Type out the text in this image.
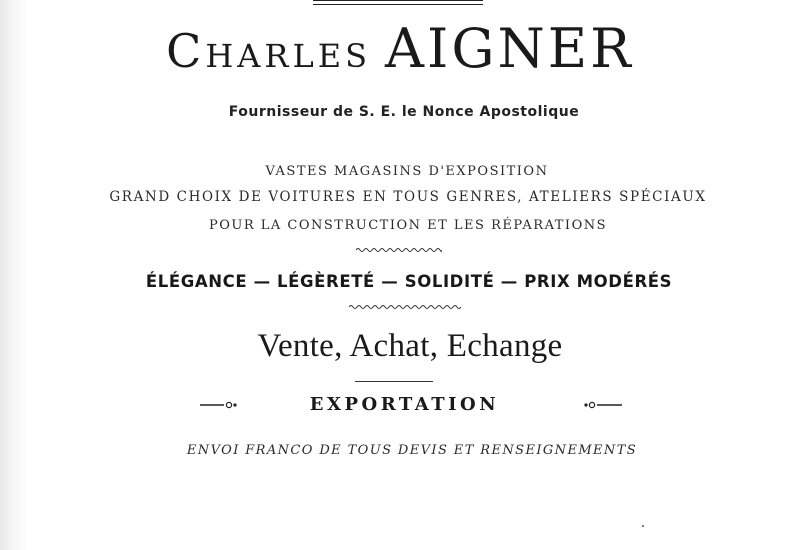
Charles AIGNER
Fournisseur de S. E. le Nonce Apostolique
VASTES MAGASINS D'EXPOSITION
GRAND CHOIX DE VOITURES EN TOUS GENRES, ATELIERS SPÉCIAUX
POUR LA CONSTRUCTION ET LES RÉPARATIONS
ÉLÉGANCE — LÉGÈRETÉ — SOLIDITÉ — PRIX MODÉRÉS
Vente, Achat, Echange
EXPORTATION
ENVOI FRANCO DE TOUS DEVIS ET RENSEIGNEMENTS
